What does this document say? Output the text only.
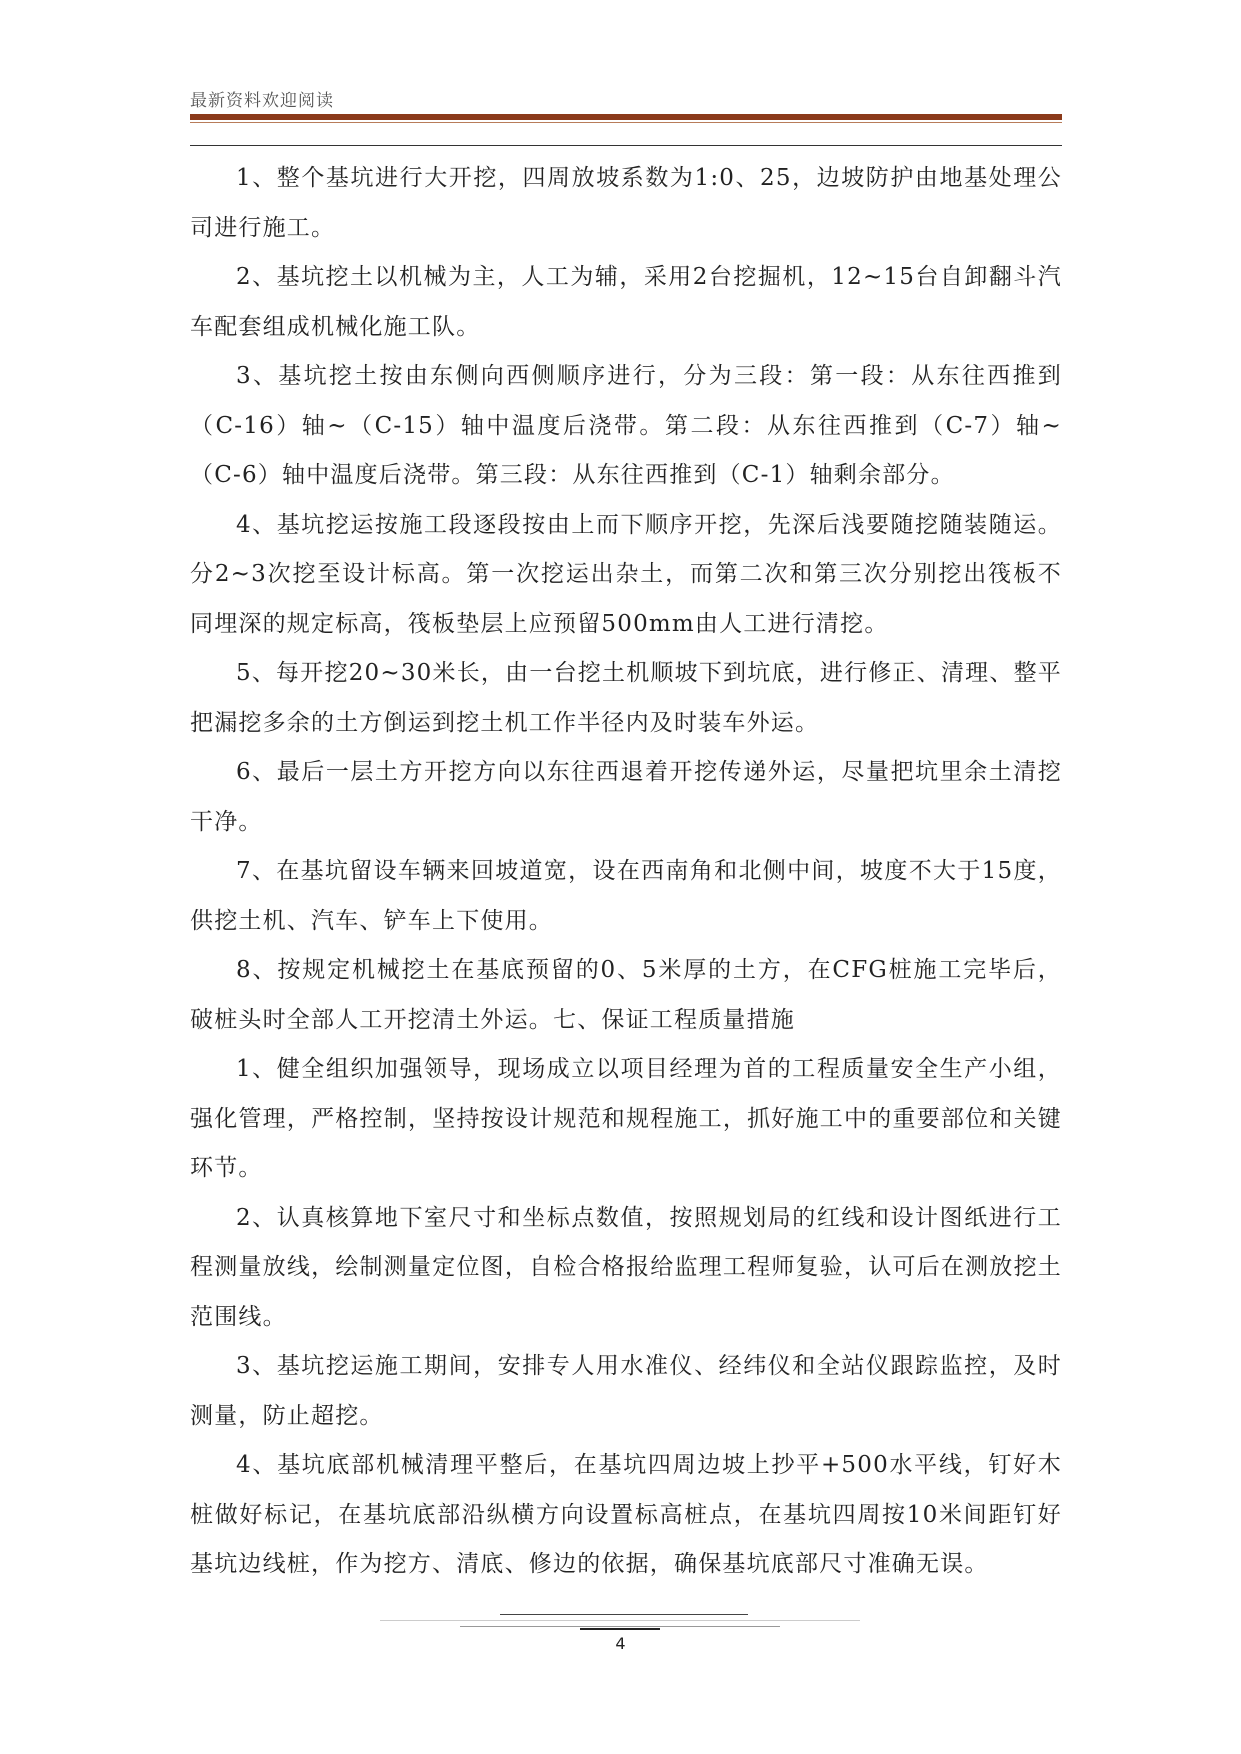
最新资料欢迎阅读

1、整个基坑进行大开挖，四周放坡系数为1:0、25，边坡防护由地基处理公司进行施工。

2、基坑挖土以机械为主，人工为辅，采用2台挖掘机，12~15台自卸翻斗汽车配套组成机械化施工队。

3、基坑挖土按由东侧向西侧顺序进行，分为三段：第一段：从东往西推到（C-16）轴~（C-15）轴中温度后浇带。第二段：从东往西推到（C-7）轴~（C-6）轴中温度后浇带。第三段：从东往西推到（C-1）轴剩余部分。

4、基坑挖运按施工段逐段按由上而下顺序开挖，先深后浅要随挖随装随运。分2~3次挖至设计标高。第一次挖运出杂土，而第二次和第三次分别挖出筏板不同埋深的规定标高，筏板垫层上应预留500mm由人工进行清挖。

5、每开挖20~30米长，由一台挖土机顺坡下到坑底，进行修正、清理、整平把漏挖多余的土方倒运到挖土机工作半径内及时装车外运。

6、最后一层土方开挖方向以东往西退着开挖传递外运，尽量把坑里余土清挖干净。

7、在基坑留设车辆来回坡道宽，设在西南角和北侧中间，坡度不大于15度，供挖土机、汽车、铲车上下使用。

8、按规定机械挖土在基底预留的0、5米厚的土方，在CFG桩施工完毕后，破桩头时全部人工开挖清土外运。七、保证工程质量措施

1、健全组织加强领导，现场成立以项目经理为首的工程质量安全生产小组，强化管理，严格控制，坚持按设计规范和规程施工，抓好施工中的重要部位和关键环节。

2、认真核算地下室尺寸和坐标点数值，按照规划局的红线和设计图纸进行工程测量放线，绘制测量定位图，自检合格报给监理工程师复验，认可后在测放挖土范围线。

3、基坑挖运施工期间，安排专人用水准仪、经纬仪和全站仪跟踪监控，及时测量，防止超挖。

4、基坑底部机械清理平整后，在基坑四周边坡上抄平+500水平线，钉好木桩做好标记，在基坑底部沿纵横方向设置标高桩点，在基坑四周按10米间距钉好基坑边线桩，作为挖方、清底、修边的依据，确保基坑底部尺寸准确无误。

4
